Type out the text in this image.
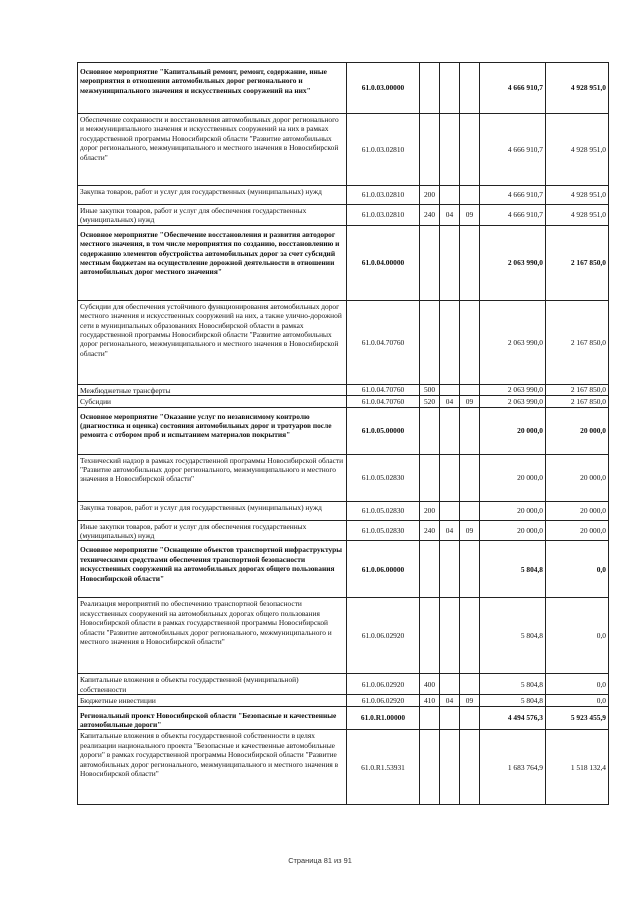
Основное мероприятие "Капитальный ремонт, ремонт, содержание, иные мероприятия в отношении автомобильных дорог регионального и межмуниципального значения и искусственных сооружений на них"	61.0.03.00000				4 666 910,7	4 928 951,0
Обеспечение сохранности и восстановления автомобильных дорог регионального и межмуниципального значения и искусственных сооружений на них в рамках государственной программы Новосибирской области "Развитие автомобильных дорог регионального, межмуниципального и местного значения в Новосибирской области"	61.0.03.02810				4 666 910,7	4 928 951,0
Закупка товаров, работ и услуг для государственных (муниципальных) нужд	61.0.03.02810	200			4 666 910,7	4 928 951,0
Иные закупки товаров, работ и услуг для обеспечения государственных (муниципальных) нужд	61.0.03.02810	240	04	09	4 666 910,7	4 928 951,0
Основное мероприятие "Обеспечение восстановления и развития автодорог местного значения, в том числе мероприятия по созданию, восстановлению и содержанию элементов обустройства автомобильных дорог за счет субсидий местным бюджетам на осуществление дорожной деятельности в отношении автомобильных дорог местного значения"	61.0.04.00000				2 063 990,0	2 167 850,0
Субсидии для обеспечения устойчивого функционирования автомобильных дорог местного значения и искусственных сооружений на них, а также улично-дорожной сети в муниципальных образованиях Новосибирской области в рамках государственной программы Новосибирской области "Развитие автомобильных дорог регионального, межмуниципального и местного значения в Новосибирской области"	61.0.04.70760				2 063 990,0	2 167 850,0
Межбюджетные трансферты	61.0.04.70760	500			2 063 990,0	2 167 850,0
Субсидии	61.0.04.70760	520	04	09	2 063 990,0	2 167 850,0
Основное мероприятие "Оказание услуг по независимому контролю (диагностика и оценка) состояния автомобильных дорог и тротуаров после ремонта с отбором проб и испытанием материалов покрытия"	61.0.05.00000				20 000,0	20 000,0
Технический надзор в рамках государственной программы Новосибирской области "Развитие автомобильных дорог регионального, межмуниципального и местного значения в Новосибирской области"	61.0.05.02830				20 000,0	20 000,0
Закупка товаров, работ и услуг для государственных (муниципальных) нужд	61.0.05.02830	200			20 000,0	20 000,0
Иные закупки товаров, работ и услуг для обеспечения государственных (муниципальных) нужд	61.0.05.02830	240	04	09	20 000,0	20 000,0
Основное мероприятие "Оснащение объектов транспортной инфраструктуры техническими средствами обеспечения транспортной безопасности искусственных сооружений на автомобильных дорогах общего пользования Новосибирской области"	61.0.06.00000				5 804,8	0,0
Реализация мероприятий по обеспечению транспортной безопасности искусственных сооружений на автомобильных дорогах общего пользования Новосибирской области в рамках государственной программы Новосибирской области "Развитие автомобильных дорог регионального, межмуниципального и местного значения в Новосибирской области"	61.0.06.02920				5 804,8	0,0
Капитальные вложения в объекты государственной (муниципальной) собственности	61.0.06.02920	400			5 804,8	0,0
Бюджетные инвестиции	61.0.06.02920	410	04	09	5 804,8	0,0
Региональный проект Новосибирской области "Безопасные и качественные автомобильные дороги"	61.0.R1.00000				4 494 576,3	5 923 455,9
Капитальные вложения в объекты государственной собственности в целях реализации национального проекта "Безопасные и качественные автомобильные дороги" в рамках государственной программы Новосибирской области "Развитие автомобильных дорог регионального, межмуниципального и местного значения в Новосибирской области"	61.0.R1.53931				1 683 764,9	1 518 132,4
Страница 81 из 91
